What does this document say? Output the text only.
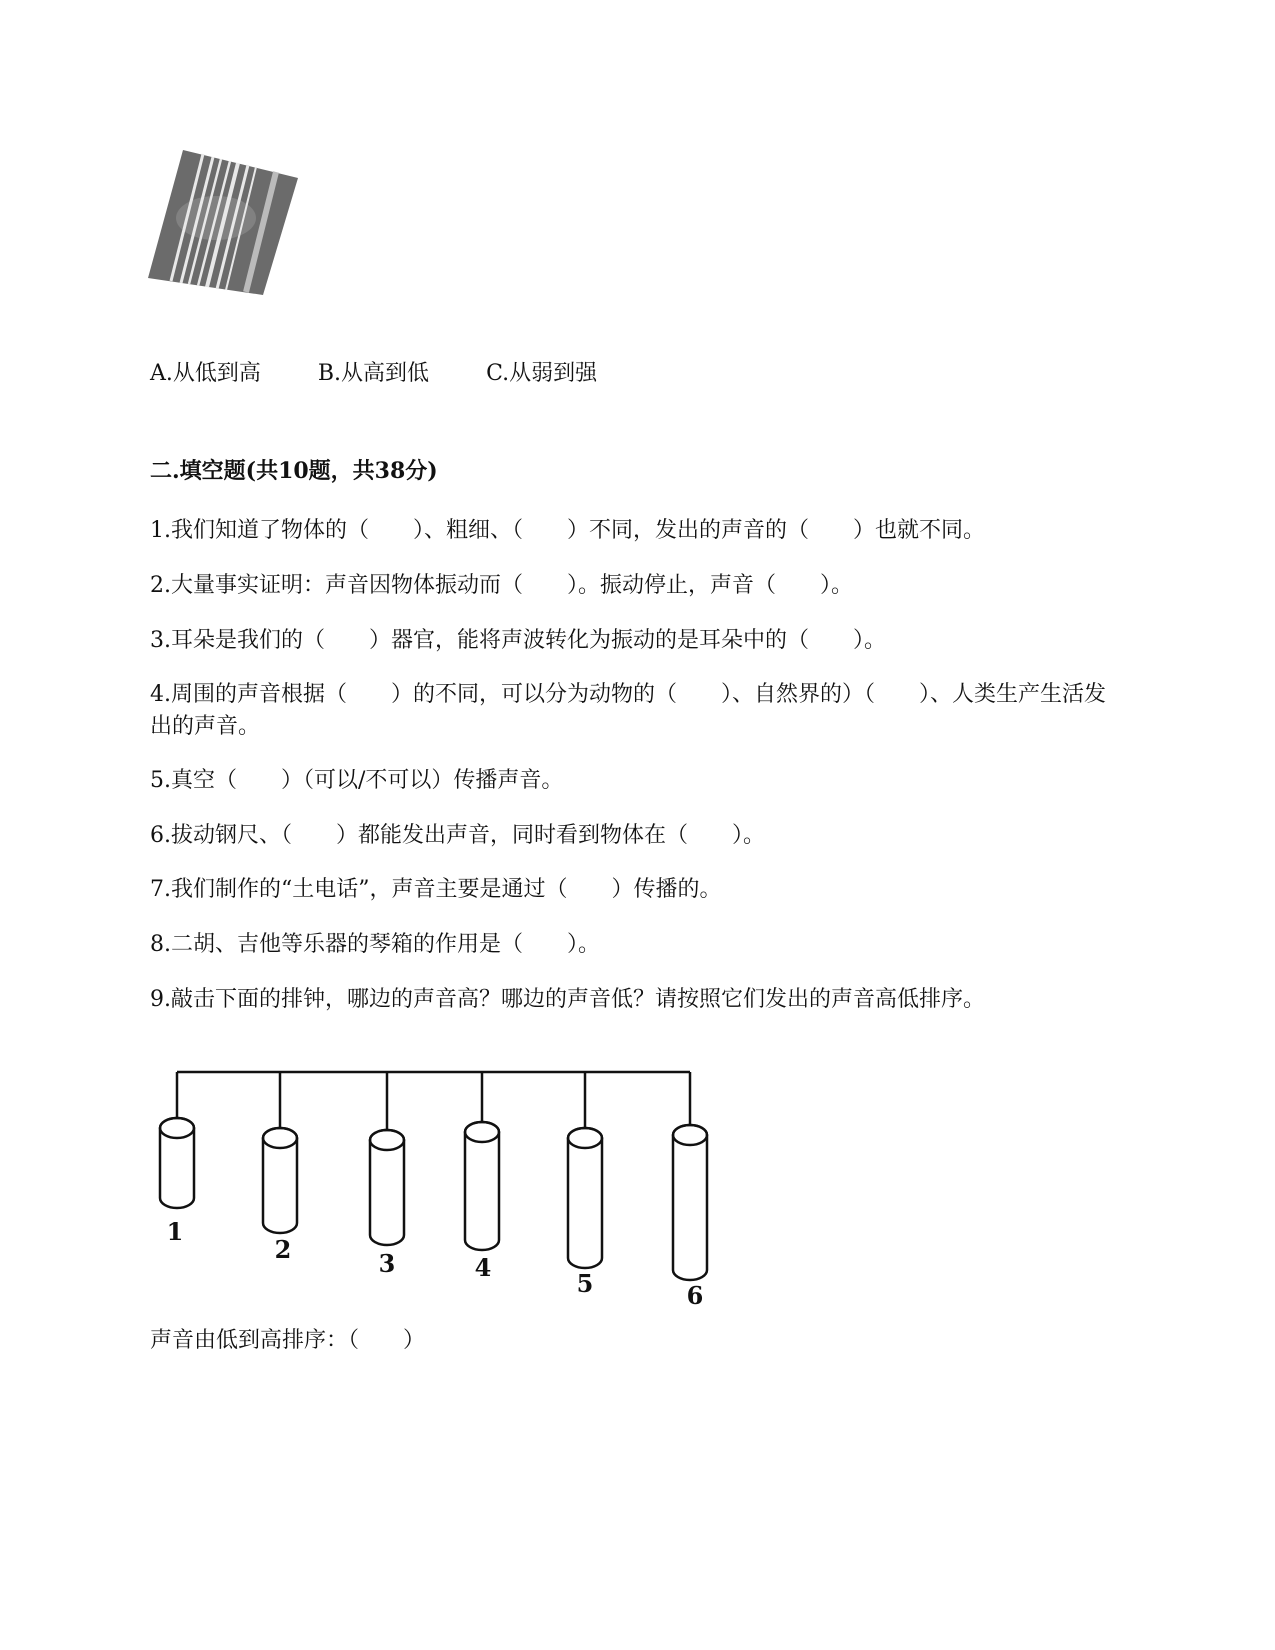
A.从低到高	B.从高到低	C.从弱到强
二.填空题(共10题，共38分)
1.我们知道了物体的（　　）、粗细、（　　）不同，发出的声音的（　　）也就不同。
2.大量事实证明：声音因物体振动而（　　）。振动停止，声音（　　）。
3.耳朵是我们的（　　）器官，能将声波转化为振动的是耳朵中的（　　）。
4.周围的声音根据（　　）的不同，可以分为动物的（　　）、自然界的）（　　）、人类生产生活发出的声音。
5.真空（　　）（可以/不可以）传播声音。
6.拔动钢尺、（　　）都能发出声音，同时看到物体在（　　）。
7.我们制作的“土电话”，声音主要是通过（　　）传播的。
8.二胡、吉他等乐器的琴箱的作用是（　　）。
9.敲击下面的排钟，哪边的声音高？哪边的声音低？请按照它们发出的声音高低排序。
1
2	3	4
5	6
声音由低到高排序：（　　）
